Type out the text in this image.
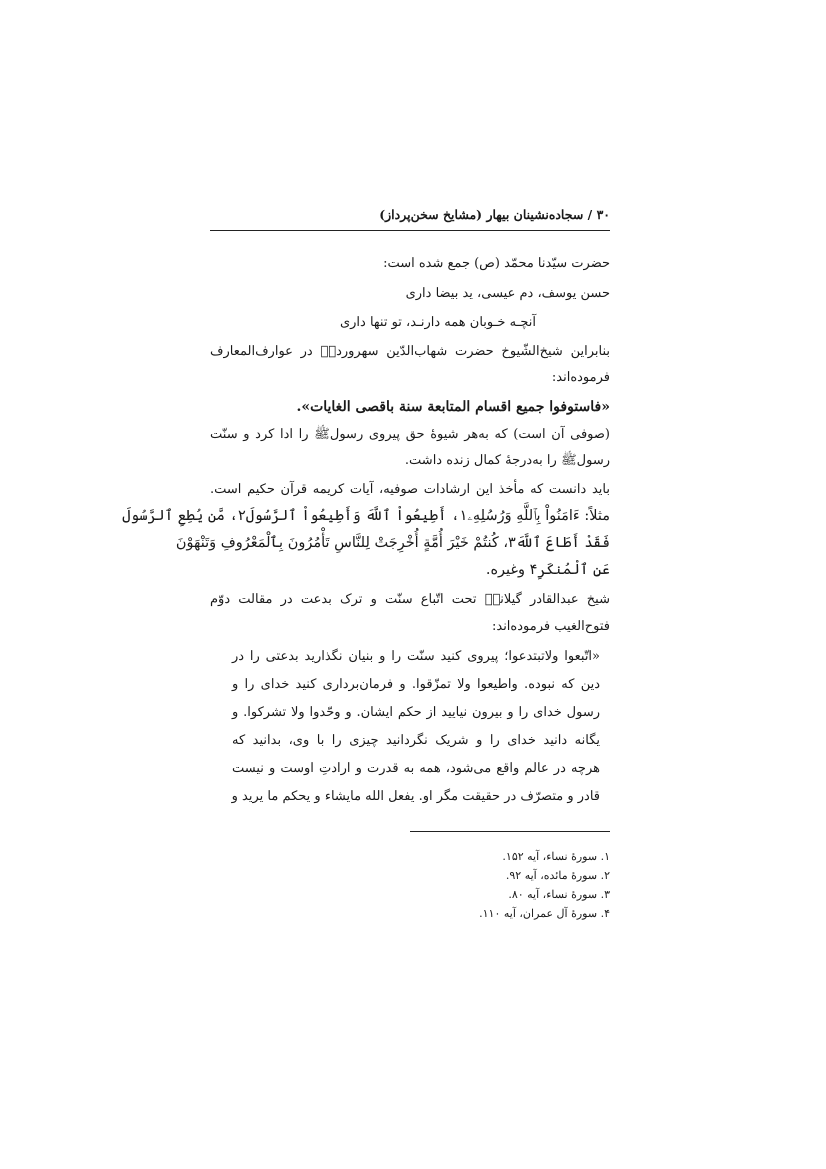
۳۰ / سجاده‌نشینان بیهار (مشایخ سخن‌پرداز)
حضرت سیّدنا محمّد (ص) جمع شده است:
حسن یوسف، دم عیسی، ید بیضا داری
آنچـه خـوبان همه دارنـد، تو تنها داری
بنابراین شیخ‌الشّیوخ حضرت شهاب‌الدّین سهروردیؒ در عوارف‌المعارف
فرموده‌اند:
«فاستوفوا جمیع اقسام المتابعة سنة باقصی الغایات».
(صوفی آن است) که به‌هر شیوهٔ حق پیروی رسولﷺ را ادا کرد و سنّت
رسولﷺ را به‌درجهٔ کمال زنده داشت.
باید دانست که مأخذ این ارشادات صوفیه، آیات کریمه قرآن حکیم است.
مثلاً: ءَامَنُواْ بِٱللَّهِ وَرُسُلِهِۦ۱، أَطِيعُواْ ٱللَّهَ وَأَطِيعُواْ ٱلرَّسُولَ۲، مَّن يُطِعِ ٱلرَّسُولَ
فَقَدْ أَطَاعَ ٱللَّهَ۳، كُنتُمْ خَيْرَ أُمَّةٍ أُخْرِجَتْ لِلنَّاسِ تَأْمُرُونَ بِٱلْمَعْرُوفِ وَتَنْهَوْنَ
عَنِ ٱلْمُنكَرِ۴ وغیره.
شیخ عبدالقادر گیلانیؓ تحت اتّباع سنّت و ترک بدعت در مقالت دوّم
فتوح‌الغیب فرموده‌اند:
«اتّبعوا ولاتبتدعوا؛ پیروی کنید سنّت را و بنیان نگذارید بدعتی را در
دین که نبوده. واطیعوا ولا تمزّقوا. و فرمان‌برداری کنید خدای را و
رسول خدای را و بیرون نیایید از حکم ایشان. و وحّدوا ولا تشرکوا. و
یگانه دانید خدای را و شریک نگردانید چیزی را با وی، بدانید که
هرچه در عالم واقع می‌شود، همه به قدرت و ارادتِ اوست و نیست
قادر و متصرّف در حقیقت مگر او. یفعل الله مایشاء و یحکم ما یرید و
۱. سورهٔ نساء، آیه ۱۵۲.
۲. سورهٔ مائده، آیه ۹۲.
۳. سورهٔ نساء، آیه ۸۰.
۴. سورهٔ آل عمران، آیه ۱۱۰.
